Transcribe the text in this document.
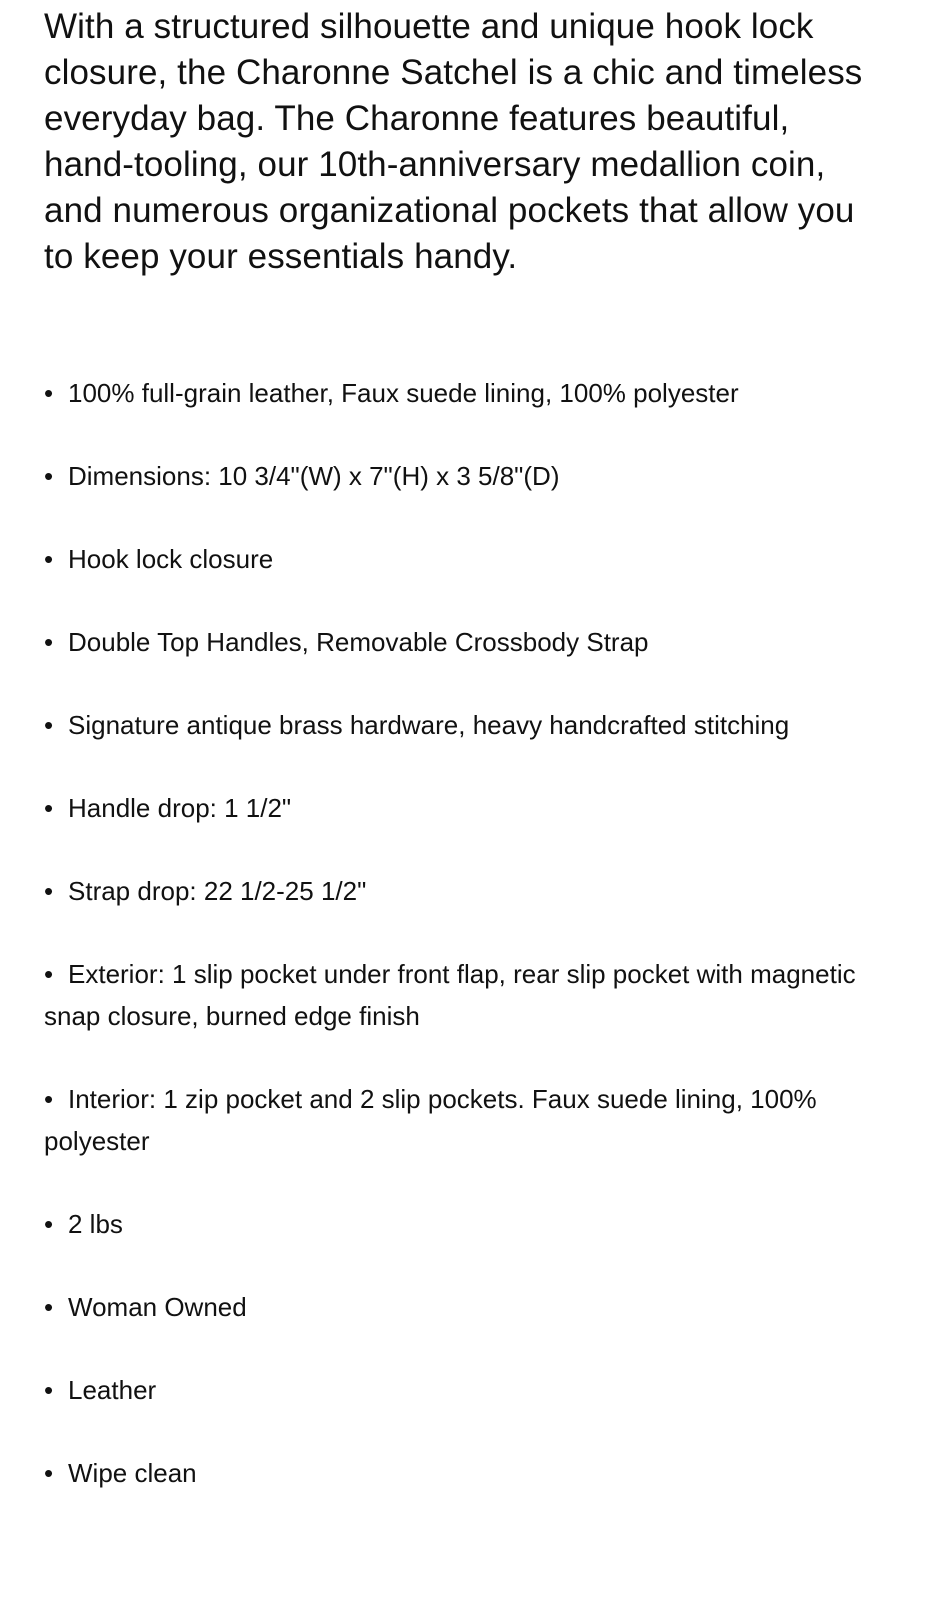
With a structured silhouette and unique hook lock closure, the Charonne Satchel is a chic and timeless everyday bag. The Charonne features beautiful, hand-tooling, our 10th-anniversary medallion coin, and numerous organizational pockets that allow you to keep your essentials handy.

• 100% full-grain leather, Faux suede lining, 100% polyester
• Dimensions: 10 3/4"(W) x 7"(H) x 3 5/8"(D)
• Hook lock closure
• Double Top Handles, Removable Crossbody Strap
• Signature antique brass hardware, heavy handcrafted stitching
• Handle drop: 1 1/2"
• Strap drop: 22 1/2-25 1/2"
• Exterior: 1 slip pocket under front flap, rear slip pocket with magnetic snap closure, burned edge finish
• Interior: 1 zip pocket and 2 slip pockets. Faux suede lining, 100% polyester
• 2 lbs
• Woman Owned
• Leather
• Wipe clean
